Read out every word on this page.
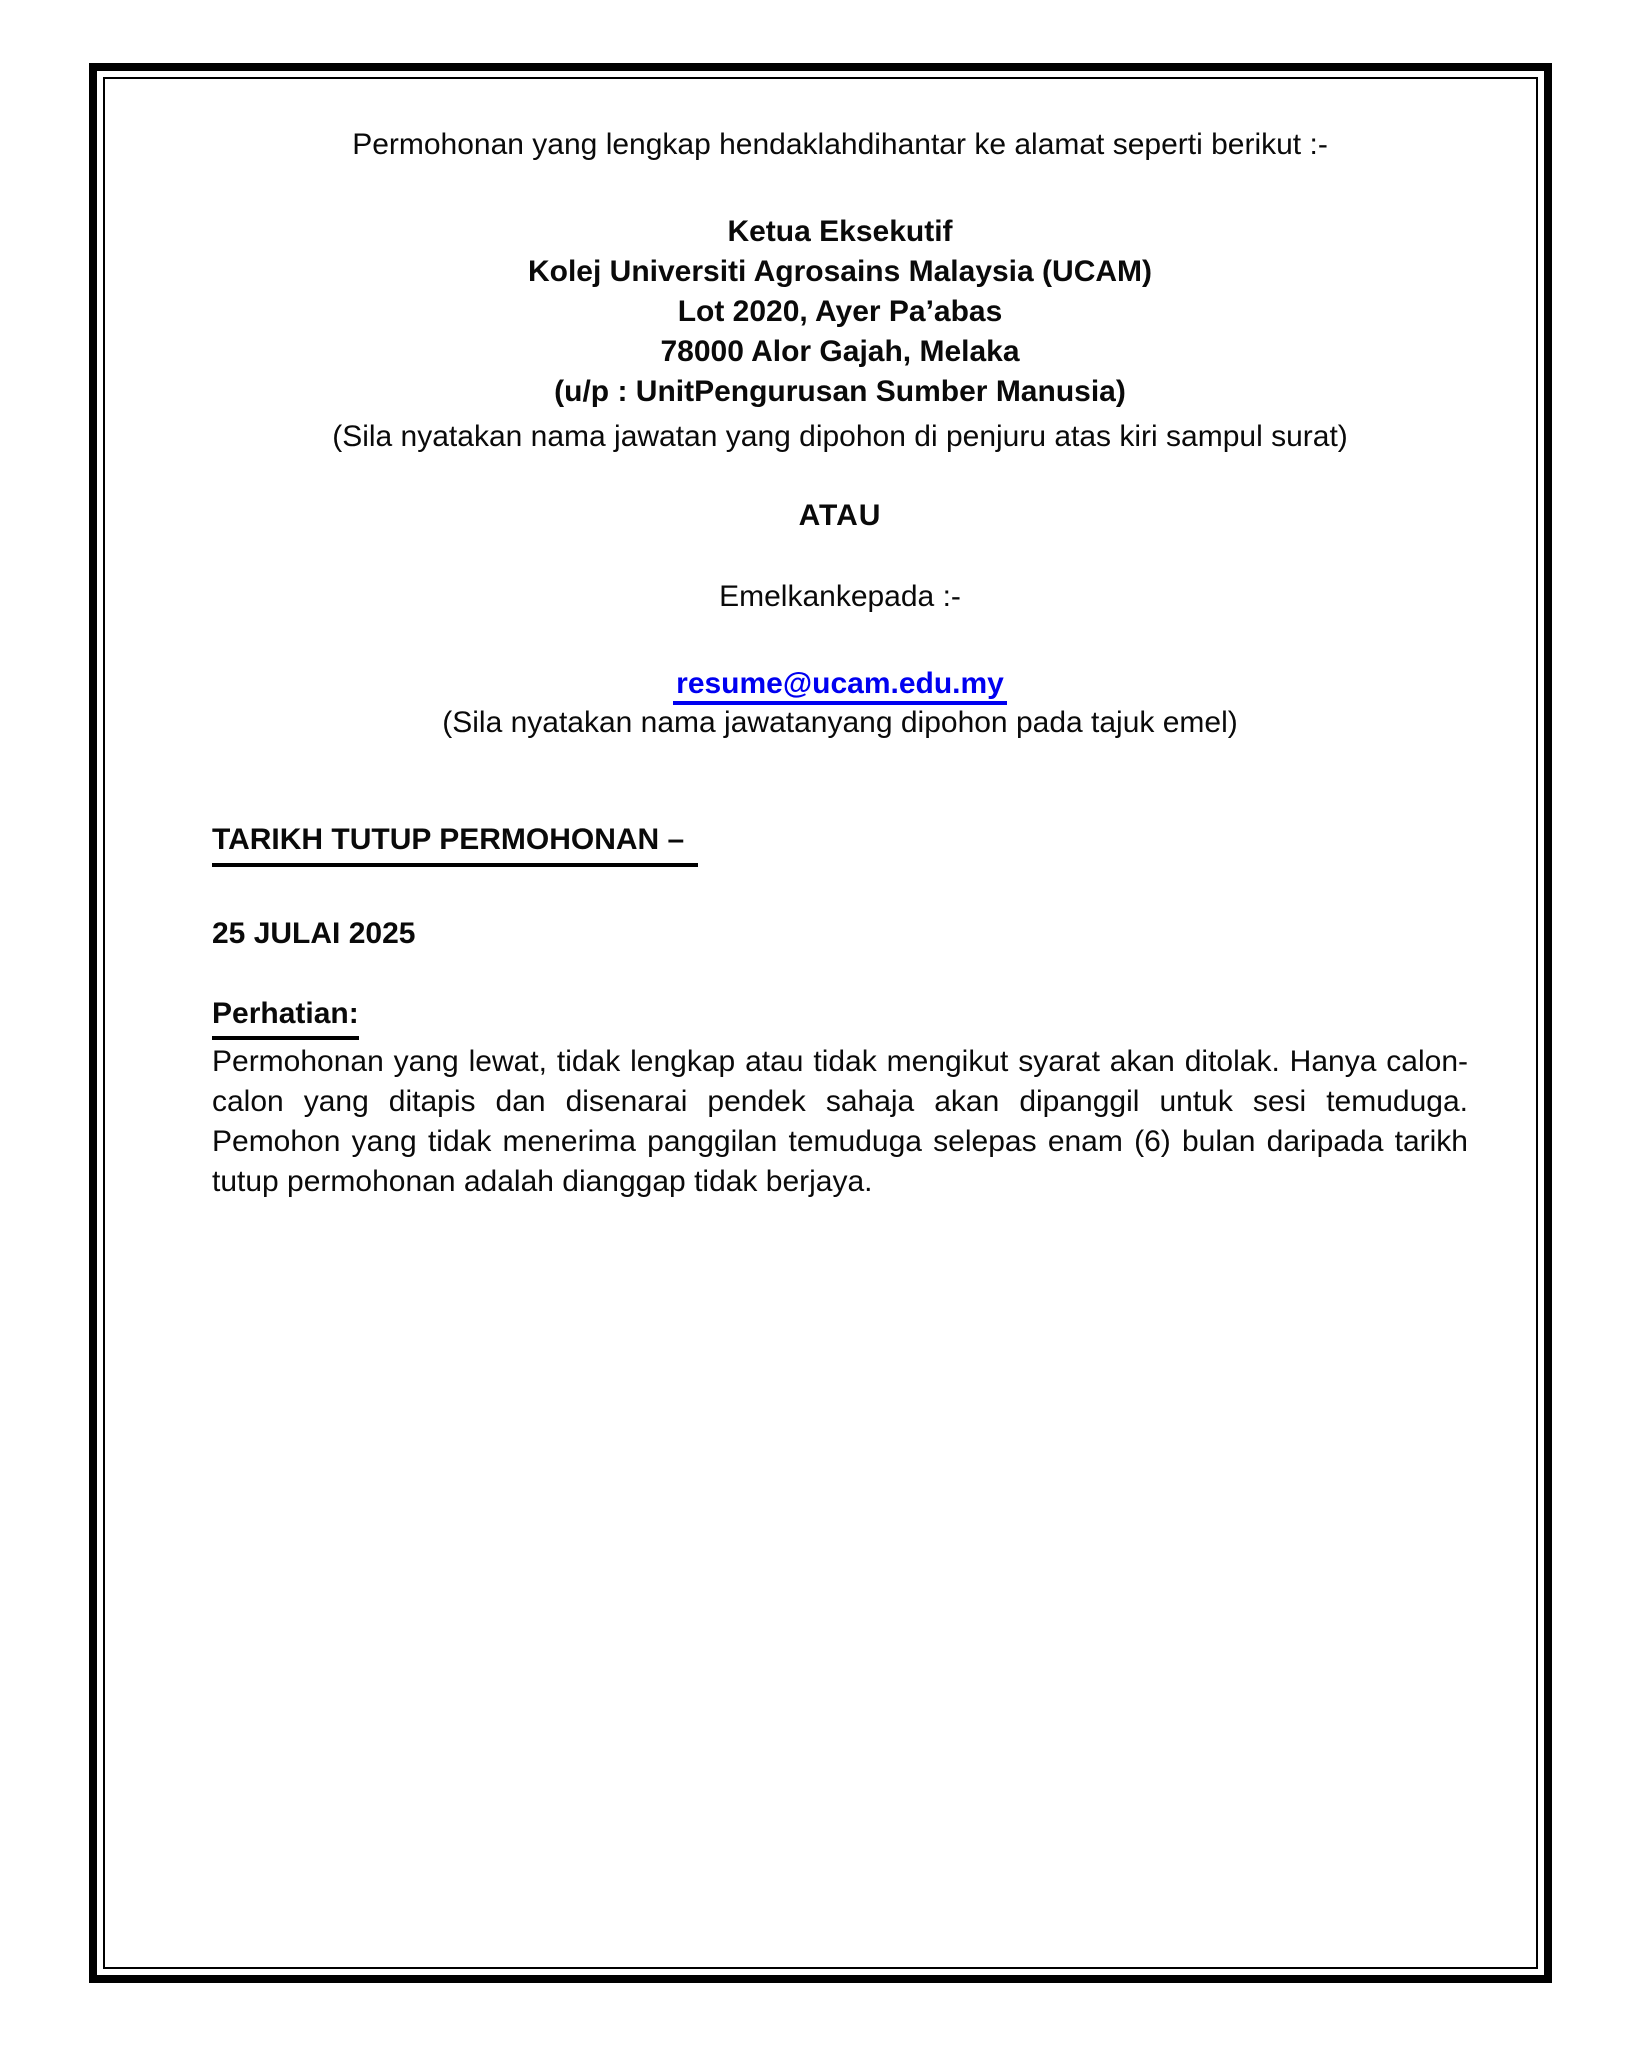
Permohonan yang lengkap hendaklahdihantar ke alamat seperti berikut :-

Ketua Eksekutif
Kolej Universiti Agrosains Malaysia (UCAM)
Lot 2020, Ayer Pa’abas
78000 Alor Gajah, Melaka
(u/p : UnitPengurusan Sumber Manusia)

(Sila nyatakan nama jawatan yang dipohon di penjuru atas kiri sampul surat)

ATAU

Emelkankepada :-

resume@ucam.edu.my

(Sila nyatakan nama jawatanyang dipohon pada tajuk emel)

TARIKH TUTUP PERMOHONAN –

25 JULAI 2025

Perhatian:

Permohonan yang lewat, tidak lengkap atau tidak mengikut syarat akan ditolak. Hanya calon-calon yang ditapis dan disenarai pendek sahaja akan dipanggil untuk sesi temuduga. Pemohon yang tidak menerima panggilan temuduga selepas enam (6) bulan daripada tarikh tutup permohonan adalah dianggap tidak berjaya.
